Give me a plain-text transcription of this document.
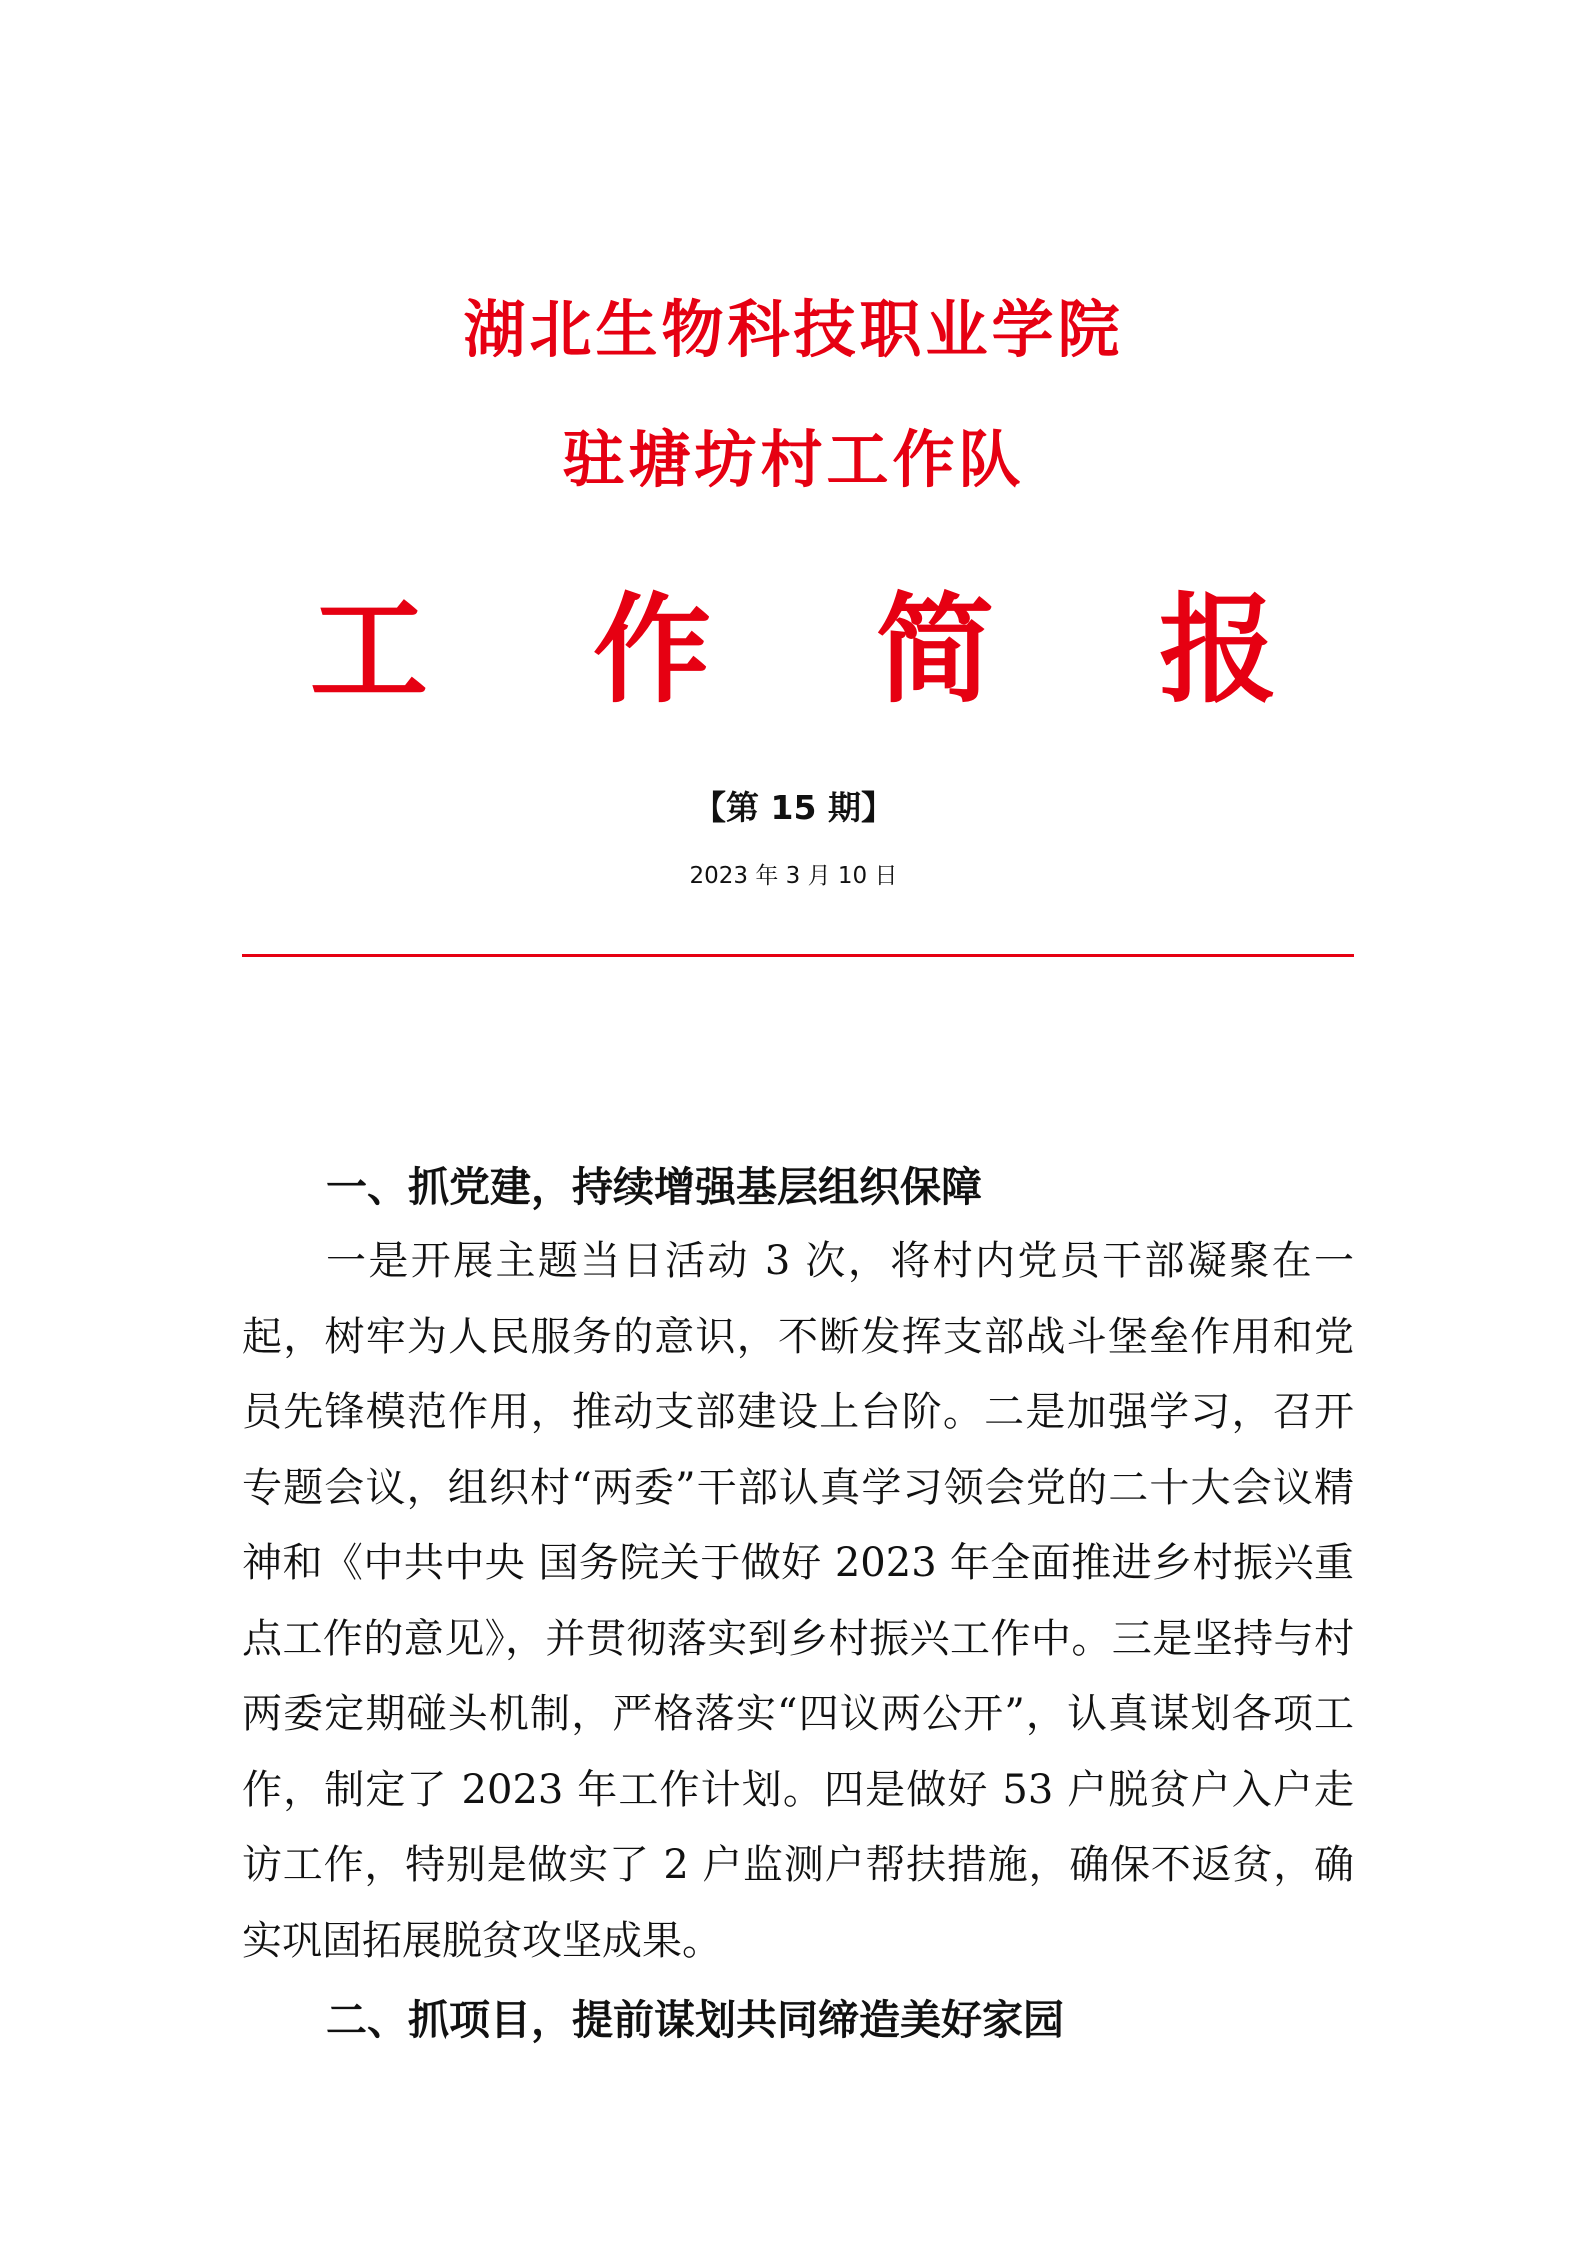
湖北生物科技职业学院
驻塘坊村工作队
工 作 简 报
【第 15 期】
2023 年 3 月 10 日

一、抓党建，持续增强基层组织保障

一是开展主题当日活动 3 次，将村内党员干部凝聚在一起，树牢为人民服务的意识，不断发挥支部战斗堡垒作用和党员先锋模范作用，推动支部建设上台阶。二是加强学习，召开专题会议，组织村“两委”干部认真学习领会党的二十大会议精神和《中共中央 国务院关于做好 2023 年全面推进乡村振兴重点工作的意见》，并贯彻落实到乡村振兴工作中。三是坚持与村两委定期碰头机制，严格落实“四议两公开”，认真谋划各项工作，制定了 2023 年工作计划。四是做好 53 户脱贫户入户走访工作，特别是做实了 2 户监测户帮扶措施，确保不返贫，确实巩固拓展脱贫攻坚成果。

二、抓项目，提前谋划共同缔造美好家园
